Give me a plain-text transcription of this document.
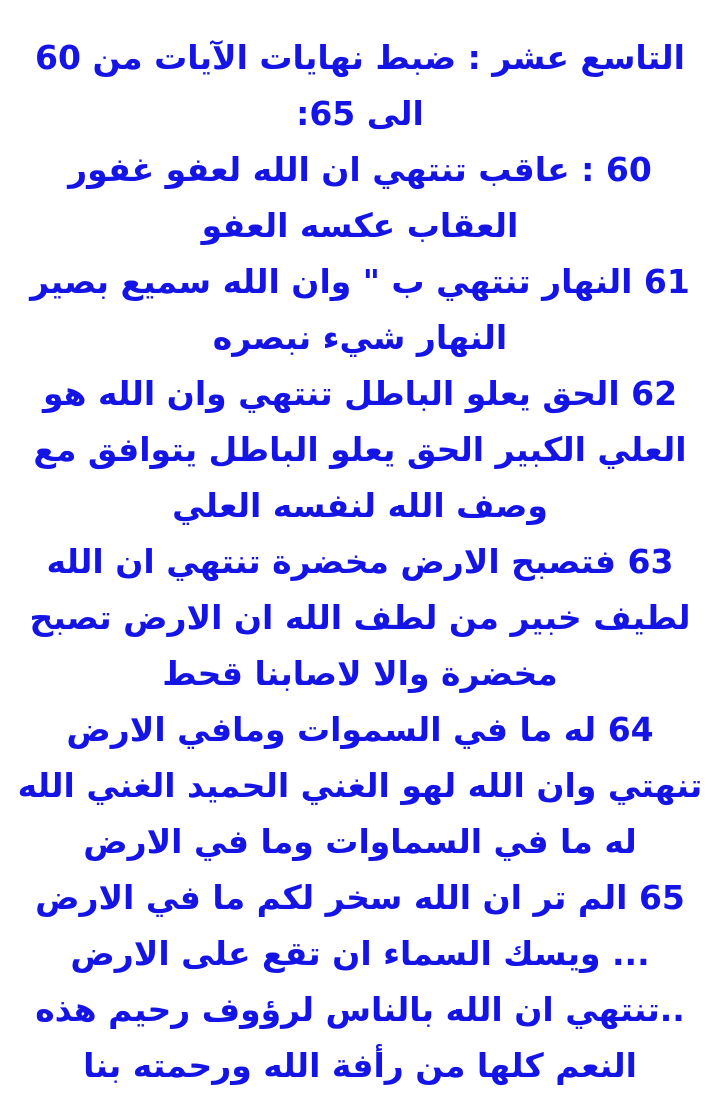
التاسع عشر : ضبط نهايات الآيات من 60 الى 65:

60 : عاقب تنتهي ان الله لعفو غفور العقاب عكسه العفو

61 النهار تنتهي ب " وان الله سميع بصير النهار شيء نبصره

62 الحق يعلو الباطل تنتهي وان الله هو العلي الكبير الحق يعلو الباطل يتوافق مع وصف الله لنفسه العلي

63 فتصبح الارض مخضرة تنتهي ان الله لطيف خبير من لطف الله ان الارض تصبح مخضرة والا لاصابنا قحط

64 له ما في السموات ومافي الارض تنهتي وان الله لهو الغني الحميد الغني الله له ما في السماوات وما في الارض

65 الم تر ان الله سخر لكم ما في الارض ... ويسك السماء ان تقع على الارض ..تنتهي ان الله بالناس لرؤوف رحيم هذه النعم كلها من رأفة الله ورحمته بنا
